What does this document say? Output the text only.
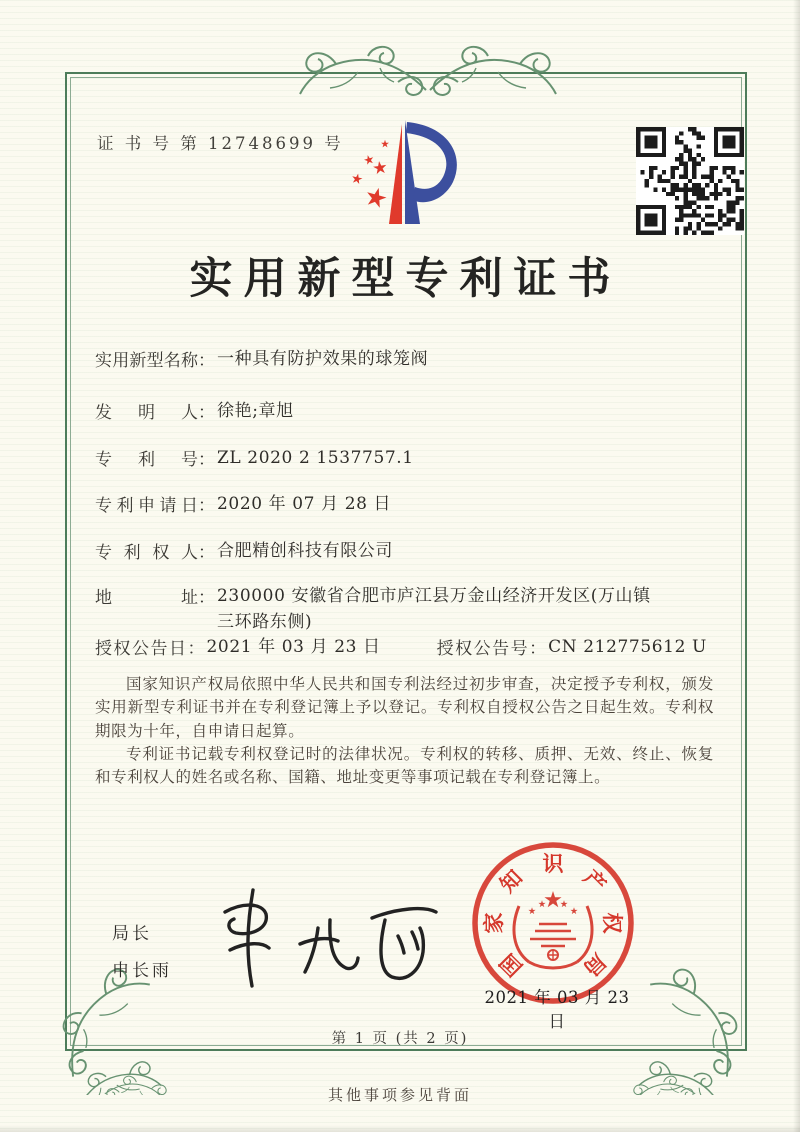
证 书 号 第 12748699 号
实用新型专利证书
实用新型名称 ： 一种具有防护效果的球笼阀
发明人 ： 徐艳;章旭
专利号 ： ZL 2020 2 1537757.1
专利申请日 ： 2020 年 07 月 28 日
专利权人 ： 合肥精创科技有限公司
地址 ： 230000 安徽省合肥市庐江县万金山经济开发区(万山镇三环路东侧)
授权公告日 ： 2021 年 03 月 23 日	授权公告号 ： CN 212775612 U

国家知识产权局依照中华人民共和国专利法经过初步审查，决定授予专利权，颁发实用新型专利证书并在专利登记簿上予以登记。专利权自授权公告之日起生效。专利权期限为十年，自申请日起算。

专利证书记载专利权登记时的法律状况。专利权的转移、质押、无效、终止、恢复和专利权人的姓名或名称、国籍、地址变更等事项记载在专利登记簿上。

局长
申长雨	国
家
知
识
产
权
局
2021 年 03 月 23 日
第 1 页 (共 2 页)
其他事项参见背面
